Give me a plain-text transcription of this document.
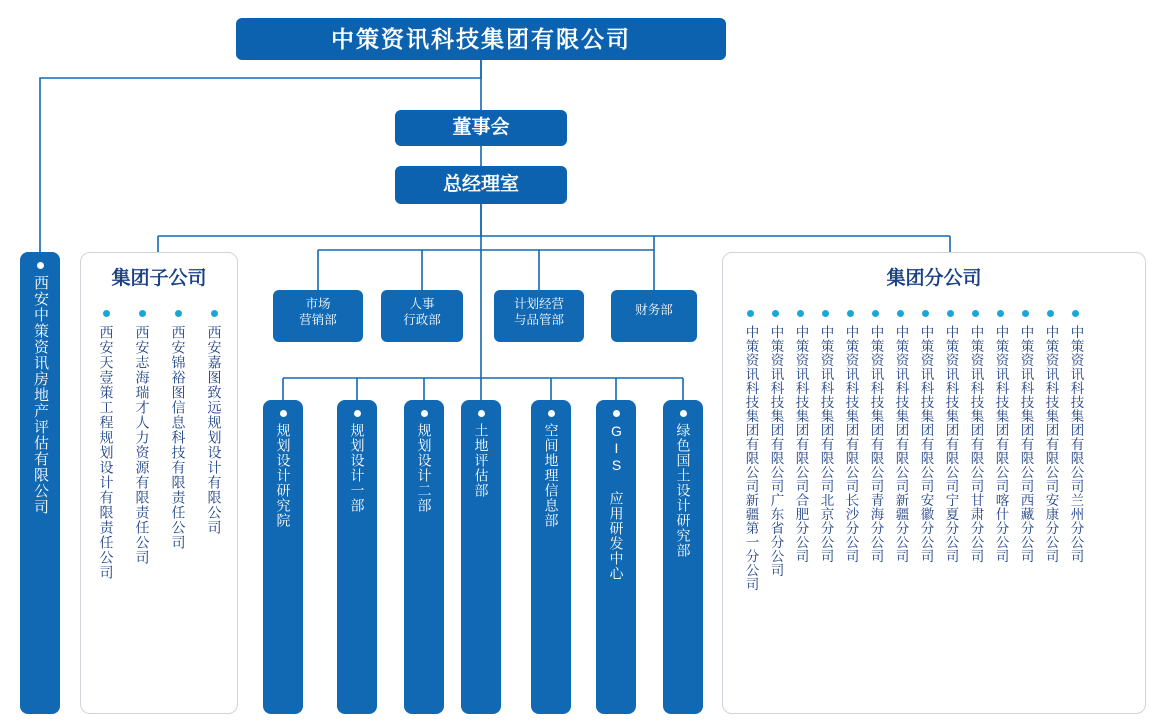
中策资讯科技集团有限公司
董事会
总经理室
市场
营销部
人事
行政部
计划经营
与品管部
财务部
西安中策资讯房地产评估有限公司	集团子公司
西安嘉图致远规划设计有限公司
西安锦裕图信息科技有限责任公司
西安志海瑞才人力资源有限责任公司
西安天壹策工程规划设计有限责任公司	规划设计研究院	规划设计一部	规划设计二部	土地评估部	空间地理信息部	GIS 应用研发中心	绿色国土设计研究部
集团分公司
中策资讯科技集团有限公司兰州分公司
中策资讯科技集团有限公司安康分公司
中策资讯科技集团有限公司西藏分公司
中策资讯科技集团有限公司喀什分公司
中策资讯科技集团有限公司甘肃分公司
中策资讯科技集团有限公司宁夏分公司
中策资讯科技集团有限公司安徽分公司
中策资讯科技集团有限公司新疆分公司
中策资讯科技集团有限公司青海分公司
中策资讯科技集团有限公司长沙分公司
中策资讯科技集团有限公司北京分公司
中策资讯科技集团有限公司合肥分公司
中策资讯科技集团有限公司广东省分公司
中策资讯科技集团有限公司新疆第一分公司
